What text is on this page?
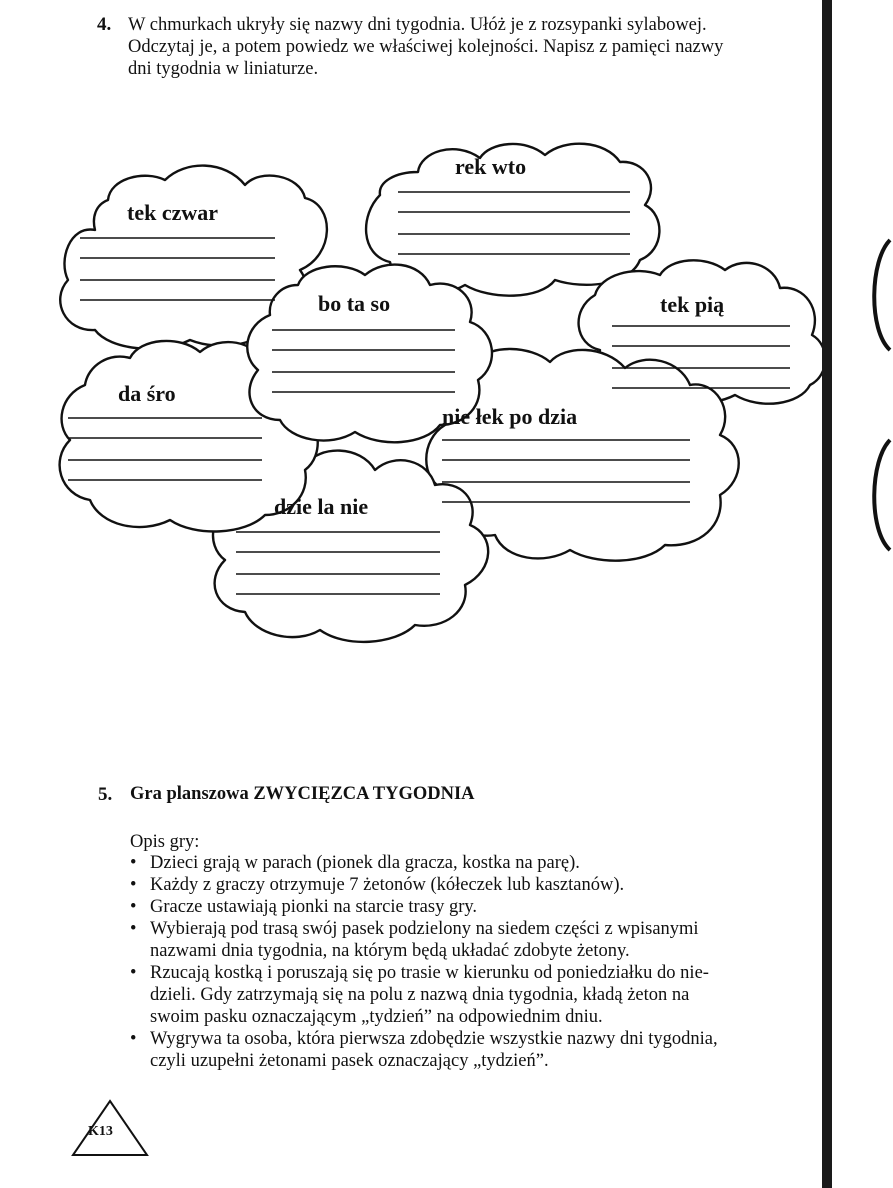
4. W chmurkach ukryły się nazwy dni tygodnia. Ułóż je z rozsypanki sylabowej.
Odczytaj je, a potem powiedz we właściwej kolejności. Napisz z pamięci nazwy
dni tygodnia w liniaturze.
tek czwar
rek wto
bo ta so	tek pią
da śro
nie łek po dzia
dzie la nie
5. Gra planszowa ZWYCIĘZCA TYGODNIA
Opis gry:
• Dzieci grają w parach (pionek dla gracza, kostka na parę).
• Każdy z graczy otrzymuje 7 żetonów (kółeczek lub kasztanów).
• Gracze ustawiają pionki na starcie trasy gry.
• Wybierają pod trasą swój pasek podzielony na siedem części z wpisanymi
nazwami dnia tygodnia, na którym będą układać zdobyte żetony.
• Rzucają kostką i poruszają się po trasie w kierunku od poniedziałku do nie-
dzieli. Gdy zatrzymają się na polu z nazwą dnia tygodnia, kładą żeton na
swoim pasku oznaczającym „tydzień” na odpowiednim dniu.
• Wygrywa ta osoba, która pierwsza zdobędzie wszystkie nazwy dni tygodnia,
czyli uzupełni żetonami pasek oznaczający „tydzień”.
K13
